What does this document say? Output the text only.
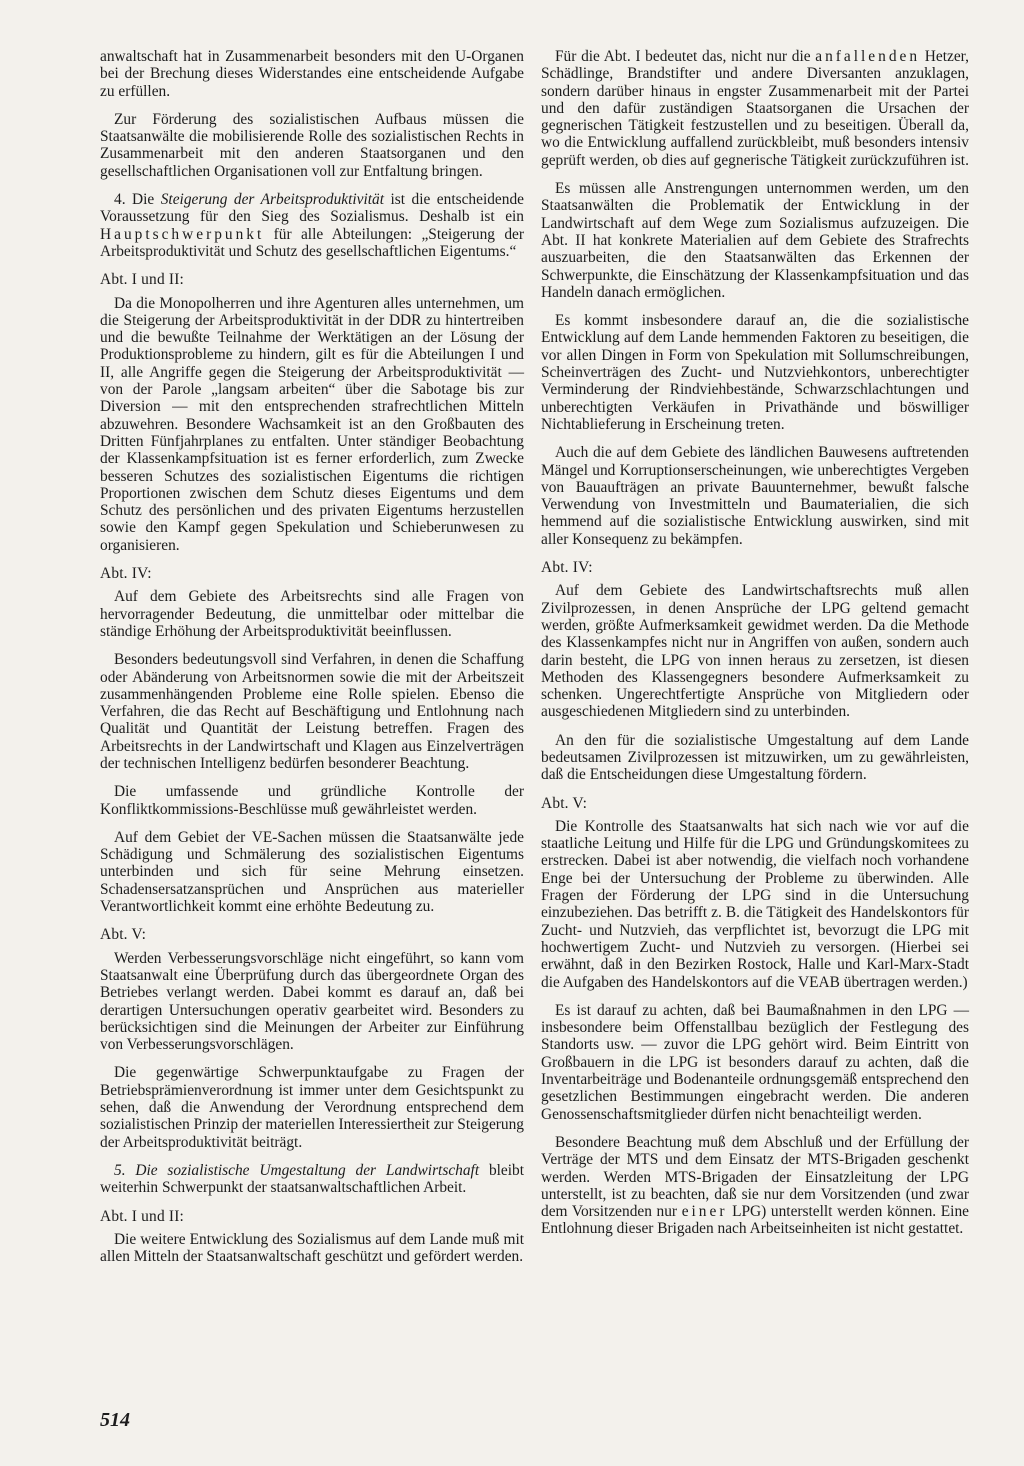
anwaltschaft hat in Zusammenarbeit besonders mit den U-Organen bei der Brechung dieses Widerstandes eine entscheidende Aufgabe zu erfüllen.

Zur Förderung des sozialistischen Aufbaus müssen die Staatsanwälte die mobilisierende Rolle des sozialistischen Rechts in Zusammenarbeit mit den anderen Staatsorganen und den gesellschaftlichen Organisationen voll zur Entfaltung bringen.

4. Die Steigerung der Arbeitsproduktivität ist die entscheidende Voraussetzung für den Sieg des Sozialismus. Deshalb ist ein Hauptschwerpunkt für alle Abteilungen: „Steigerung der Arbeitsproduktivität und Schutz des gesellschaftlichen Eigentums.“

Abt. I und II:

Da die Monopolherren und ihre Agenturen alles unternehmen, um die Steigerung der Arbeitsproduktivität in der DDR zu hintertreiben und die bewußte Teilnahme der Werktätigen an der Lösung der Produktionsprobleme zu hindern, gilt es für die Abteilungen I und II, alle Angriffe gegen die Steigerung der Arbeitsproduktivität — von der Parole „langsam arbeiten“ über die Sabotage bis zur Diversion — mit den entsprechenden strafrechtlichen Mitteln abzuwehren. Besondere Wachsamkeit ist an den Großbauten des Dritten Fünfjahrplanes zu entfalten. Unter ständiger Beobachtung der Klassenkampfsituation ist es ferner erforderlich, zum Zwecke besseren Schutzes des sozialistischen Eigentums die richtigen Proportionen zwischen dem Schutz dieses Eigentums und dem Schutz des persönlichen und des privaten Eigentums herzustellen sowie den Kampf gegen Spekulation und Schieberunwesen zu organisieren.

Abt. IV:

Auf dem Gebiete des Arbeitsrechts sind alle Fragen von hervorragender Bedeutung, die unmittelbar oder mittelbar die ständige Erhöhung der Arbeitsproduktivität beeinflussen.

Besonders bedeutungsvoll sind Verfahren, in denen die Schaffung oder Abänderung von Arbeitsnormen sowie die mit der Arbeitszeit zusammenhängenden Probleme eine Rolle spielen. Ebenso die Verfahren, die das Recht auf Beschäftigung und Entlohnung nach Qualität und Quantität der Leistung betreffen. Fragen des Arbeitsrechts in der Landwirtschaft und Klagen aus Einzelverträgen der technischen Intelligenz bedürfen besonderer Beachtung.

Die umfassende und gründliche Kontrolle der Konfliktkommissions-Beschlüsse muß gewährleistet werden.

Auf dem Gebiet der VE-Sachen müssen die Staatsanwälte jede Schädigung und Schmälerung des sozialistischen Eigentums unterbinden und sich für seine Mehrung einsetzen. Schadensersatzansprüchen und Ansprüchen aus materieller Verantwortlichkeit kommt eine erhöhte Bedeutung zu.

Abt. V:

Werden Verbesserungsvorschläge nicht eingeführt, so kann vom Staatsanwalt eine Überprüfung durch das übergeordnete Organ des Betriebes verlangt werden. Dabei kommt es darauf an, daß bei derartigen Untersuchungen operativ gearbeitet wird. Besonders zu berücksichtigen sind die Meinungen der Arbeiter zur Einführung von Verbesserungsvorschlägen.

Die gegenwärtige Schwerpunktaufgabe zu Fragen der Betriebsprämienverordnung ist immer unter dem Gesichtspunkt zu sehen, daß die Anwendung der Verordnung entsprechend dem sozialistischen Prinzip der materiellen Interessiertheit zur Steigerung der Arbeitsproduktivität beiträgt.

5. Die sozialistische Umgestaltung der Landwirtschaft bleibt weiterhin Schwerpunkt der staatsanwaltschaftlichen Arbeit.

Abt. I und II:

Die weitere Entwicklung des Sozialismus auf dem Lande muß mit allen Mitteln der Staatsanwaltschaft geschützt und gefördert werden.

Für die Abt. I bedeutet das, nicht nur die anfallenden Hetzer, Schädlinge, Brandstifter und andere Diversanten anzuklagen, sondern darüber hinaus in engster Zusammenarbeit mit der Partei und den dafür zuständigen Staatsorganen die Ursachen der gegnerischen Tätigkeit festzustellen und zu beseitigen. Überall da, wo die Entwicklung auffallend zurückbleibt, muß besonders intensiv geprüft werden, ob dies auf gegnerische Tätigkeit zurückzuführen ist.

Es müssen alle Anstrengungen unternommen werden, um den Staatsanwälten die Problematik der Entwicklung in der Landwirtschaft auf dem Wege zum Sozialismus aufzuzeigen. Die Abt. II hat konkrete Materialien auf dem Gebiete des Strafrechts auszuarbeiten, die den Staatsanwälten das Erkennen der Schwerpunkte, die Einschätzung der Klassenkampfsituation und das Handeln danach ermöglichen.

Es kommt insbesondere darauf an, die die sozialistische Entwicklung auf dem Lande hemmenden Faktoren zu beseitigen, die vor allen Dingen in Form von Spekulation mit Sollumschreibungen, Scheinverträgen des Zucht- und Nutzviehkontors, unberechtigter Verminderung der Rindviehbestände, Schwarzschlachtungen und unberechtigten Verkäufen in Privathände und böswilliger Nichtablieferung in Erscheinung treten.

Auch die auf dem Gebiete des ländlichen Bauwesens auftretenden Mängel und Korruptionserscheinungen, wie unberechtigtes Vergeben von Bauaufträgen an private Bauunternehmer, bewußt falsche Verwendung von Investmitteln und Baumaterialien, die sich hemmend auf die sozialistische Entwicklung auswirken, sind mit aller Konsequenz zu bekämpfen.

Abt. IV:

Auf dem Gebiete des Landwirtschaftsrechts muß allen Zivilprozessen, in denen Ansprüche der LPG geltend gemacht werden, größte Aufmerksamkeit gewidmet werden. Da die Methode des Klassenkampfes nicht nur in Angriffen von außen, sondern auch darin besteht, die LPG von innen heraus zu zersetzen, ist diesen Methoden des Klassengegners besondere Aufmerksamkeit zu schenken. Ungerechtfertigte Ansprüche von Mitgliedern oder ausgeschiedenen Mitgliedern sind zu unterbinden.

An den für die sozialistische Umgestaltung auf dem Lande bedeutsamen Zivilprozessen ist mitzuwirken, um zu gewährleisten, daß die Entscheidungen diese Umgestaltung fördern.

Abt. V:

Die Kontrolle des Staatsanwalts hat sich nach wie vor auf die staatliche Leitung und Hilfe für die LPG und Gründungskomitees zu erstrecken. Dabei ist aber notwendig, die vielfach noch vorhandene Enge bei der Untersuchung der Probleme zu überwinden. Alle Fragen der Förderung der LPG sind in die Untersuchung einzubeziehen. Das betrifft z. B. die Tätigkeit des Handelskontors für Zucht- und Nutzvieh, das verpflichtet ist, bevorzugt die LPG mit hochwertigem Zucht- und Nutzvieh zu versorgen. (Hierbei sei erwähnt, daß in den Bezirken Rostock, Halle und Karl-Marx-Stadt die Aufgaben des Handelskontors auf die VEAB übertragen werden.)

Es ist darauf zu achten, daß bei Baumaßnahmen in den LPG — insbesondere beim Offenstallbau bezüglich der Festlegung des Standorts usw. — zuvor die LPG gehört wird. Beim Eintritt von Großbauern in die LPG ist besonders darauf zu achten, daß die Inventarbeiträge und Bodenanteile ordnungsgemäß entsprechend den gesetzlichen Bestimmungen eingebracht werden. Die anderen Genossenschaftsmitglieder dürfen nicht benachteiligt werden.

Besondere Beachtung muß dem Abschluß und der Erfüllung der Verträge der MTS und dem Einsatz der MTS-Brigaden geschenkt werden. Werden MTS-Brigaden der Einsatzleitung der LPG unterstellt, ist zu beachten, daß sie nur dem Vorsitzenden (und zwar dem Vorsitzenden nur einer LPG) unterstellt werden können. Eine Entlohnung dieser Brigaden nach Arbeitseinheiten ist nicht gestattet.

514
